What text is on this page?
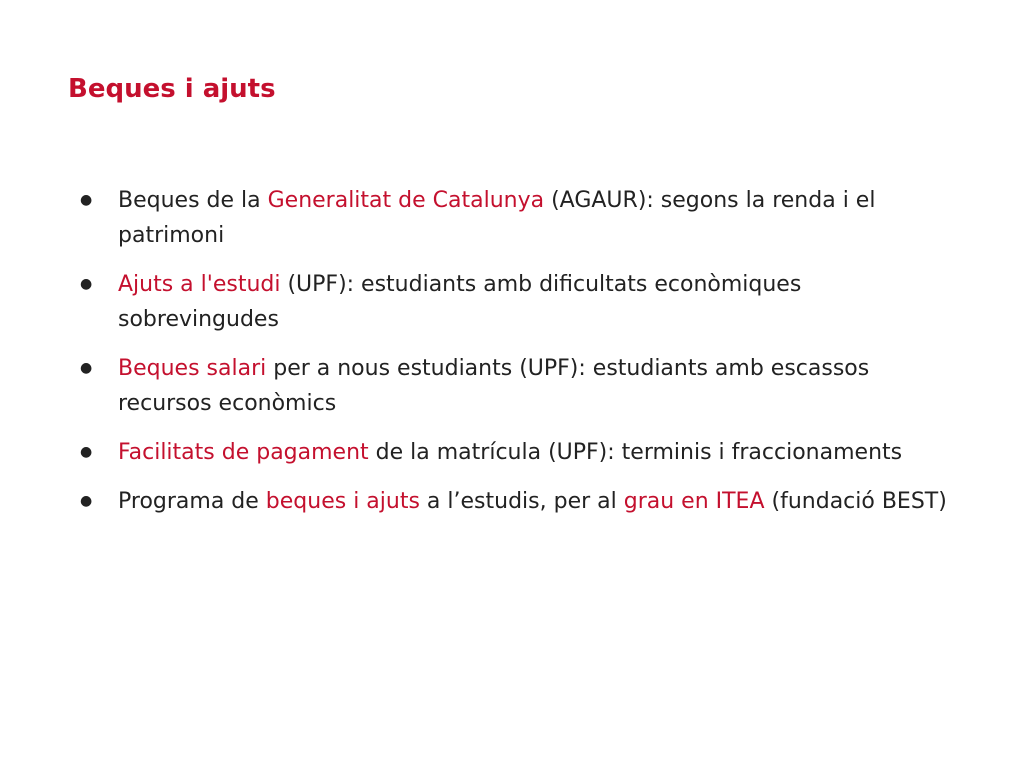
Beques i ajuts
●	Beques de la Generalitat de Catalunya (AGAUR): segons la renda i el patrimoni
●	Ajuts a l'estudi (UPF): estudiants amb dificultats econòmiques sobrevingudes
●	Beques salari per a nous estudiants (UPF): estudiants amb escassos recursos econòmics
●	Facilitats de pagament de la matrícula (UPF): terminis i fraccionaments
●	Programa de beques i ajuts a l’estudis, per al grau en ITEA (fundació BEST)
